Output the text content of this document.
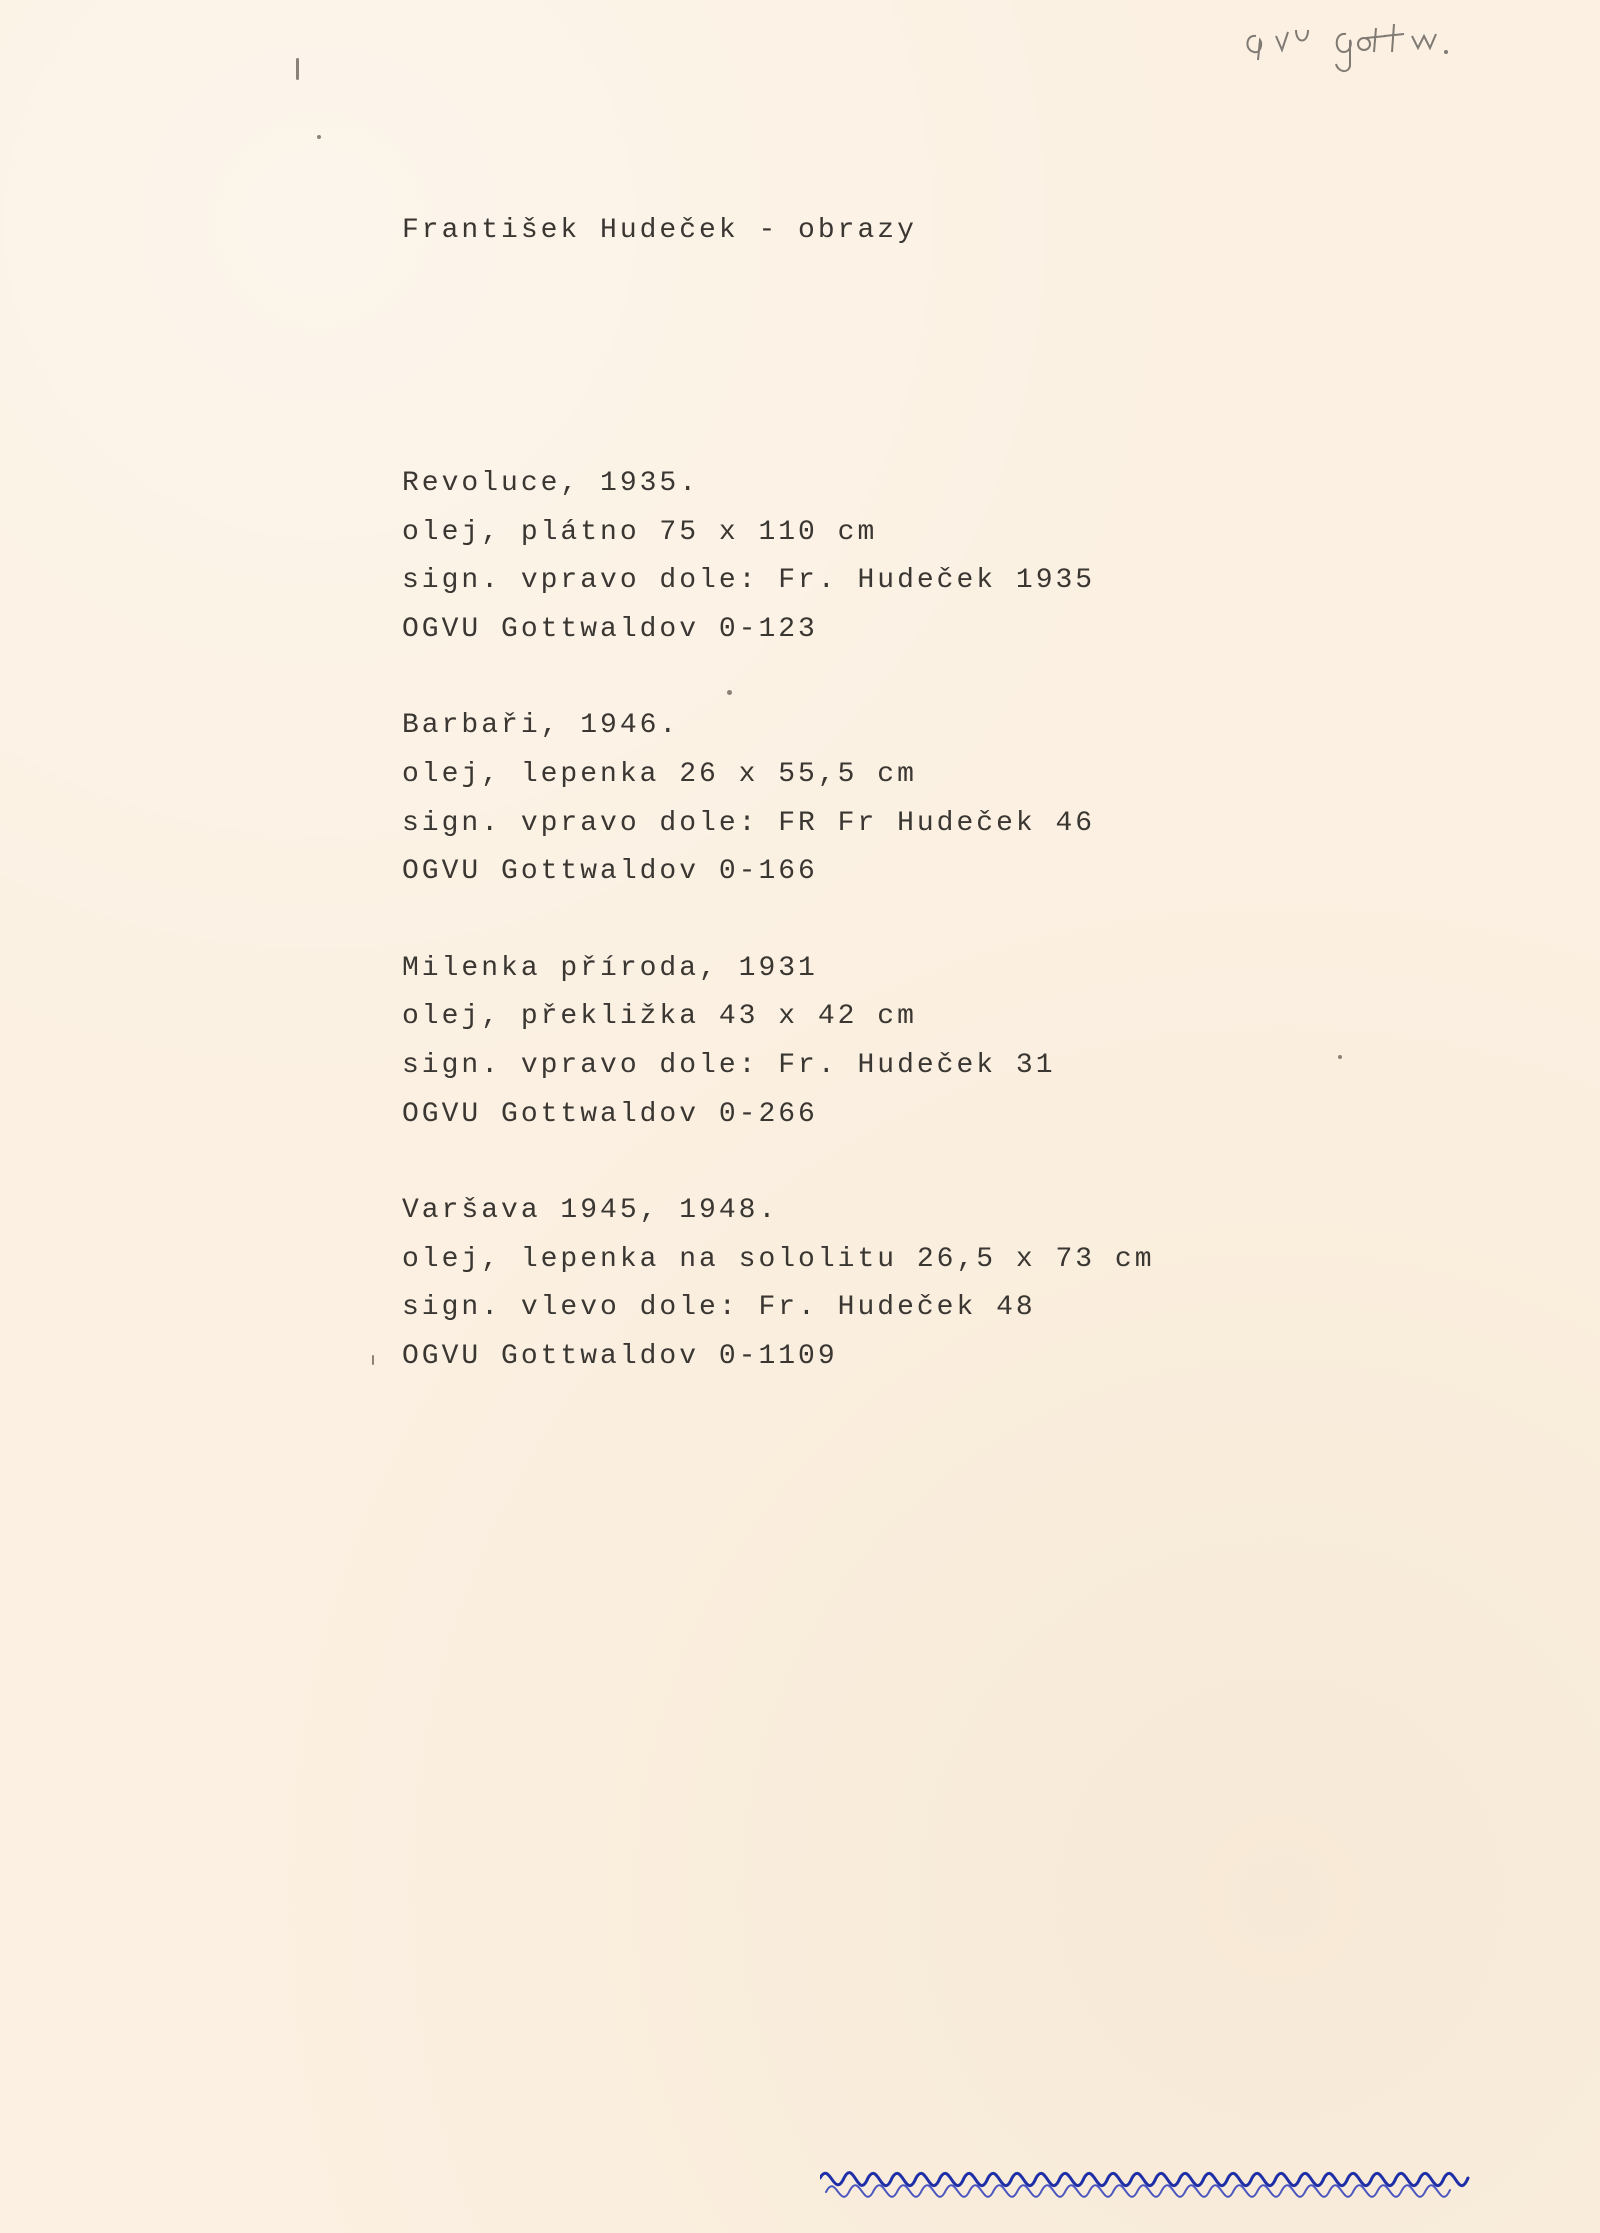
František Hudeček - obrazy
Revoluce, 1935.
olej, plátno 75 x 110 cm
sign. vpravo dole: Fr. Hudeček 1935
OGVU Gottwaldov 0-123
Barbaři, 1946.
olej, lepenka 26 x 55,5 cm
sign. vpravo dole: FR Fr Hudeček 46
OGVU Gottwaldov 0-166
Milenka příroda, 1931
olej, překližka 43 x 42 cm
sign. vpravo dole: Fr. Hudeček 31
OGVU Gottwaldov 0-266
Varšava 1945, 1948.
olej, lepenka na sololitu 26,5 x 73 cm
sign. vlevo dole: Fr. Hudeček 48
OGVU Gottwaldov 0-1109
